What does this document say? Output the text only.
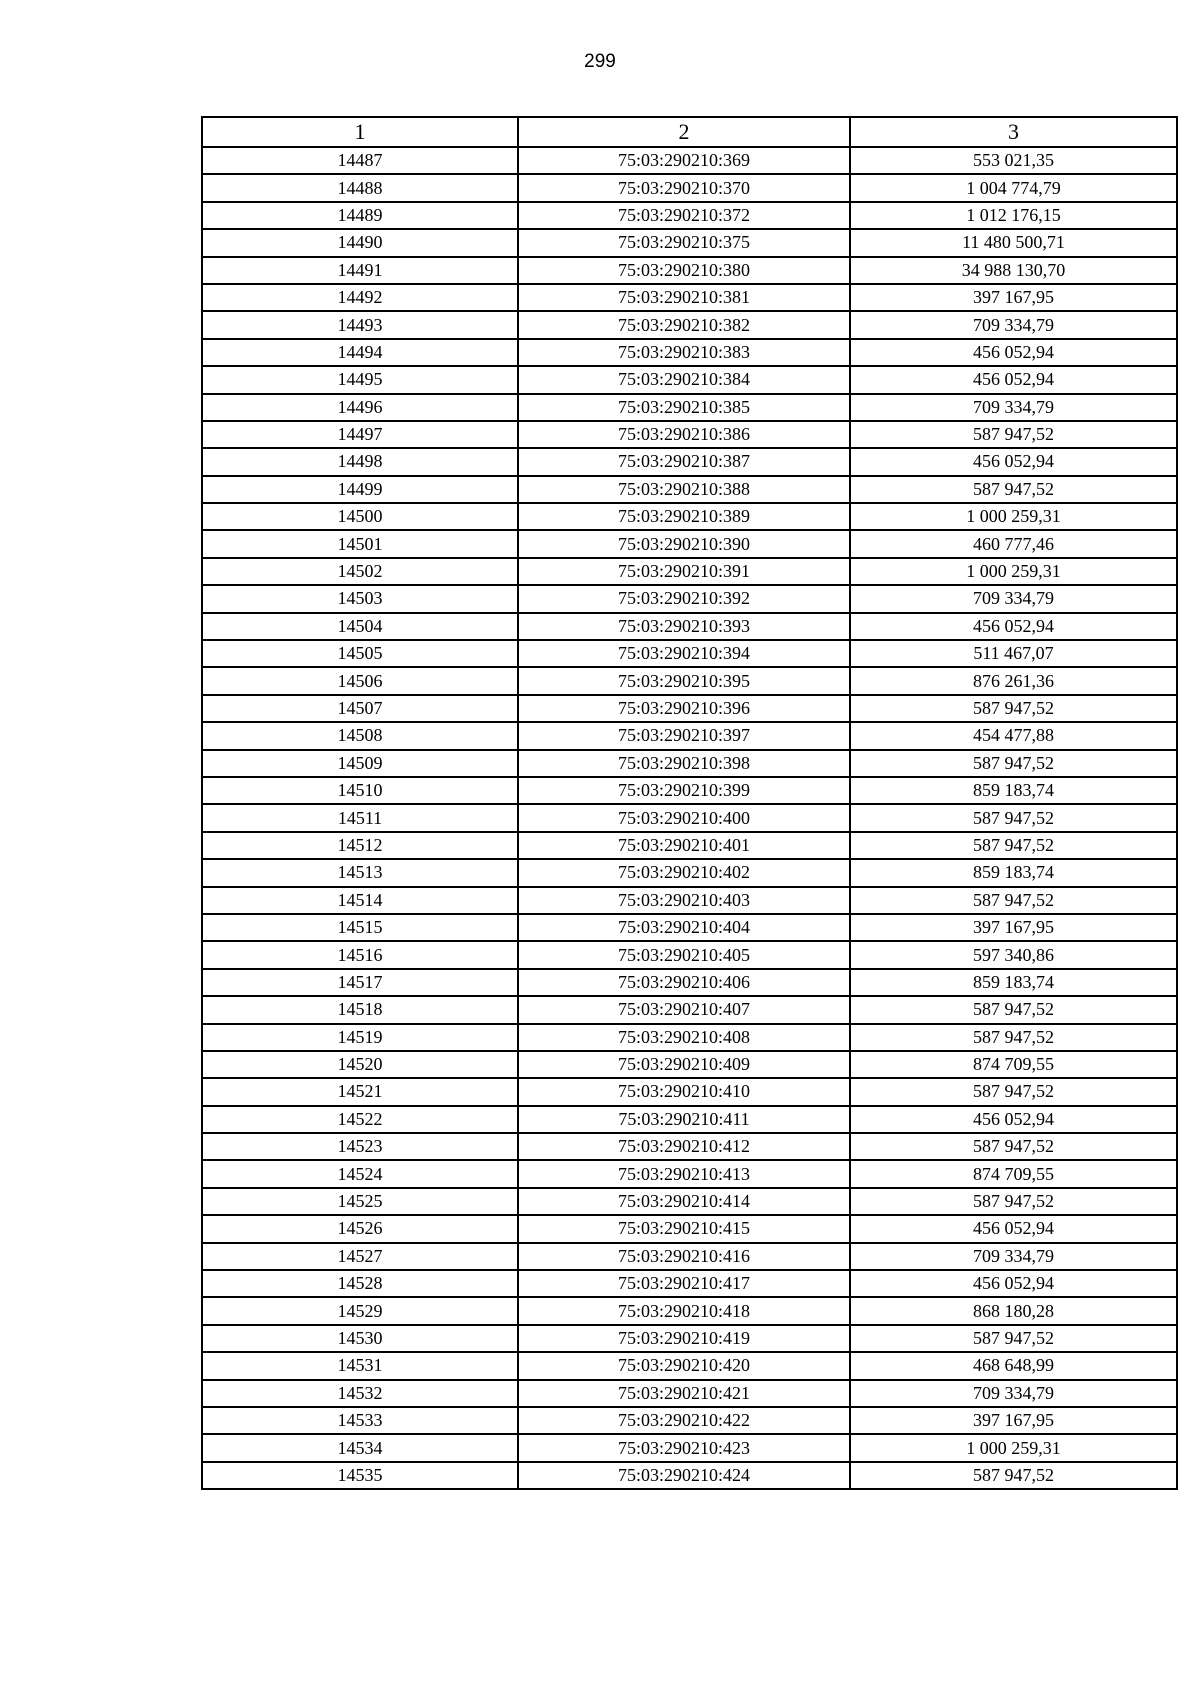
299
1	2	3
14487	75:03:290210:369	553 021,35
14488	75:03:290210:370	1 004 774,79
14489	75:03:290210:372	1 012 176,15
14490	75:03:290210:375	11 480 500,71
14491	75:03:290210:380	34 988 130,70
14492	75:03:290210:381	397 167,95
14493	75:03:290210:382	709 334,79
14494	75:03:290210:383	456 052,94
14495	75:03:290210:384	456 052,94
14496	75:03:290210:385	709 334,79
14497	75:03:290210:386	587 947,52
14498	75:03:290210:387	456 052,94
14499	75:03:290210:388	587 947,52
14500	75:03:290210:389	1 000 259,31
14501	75:03:290210:390	460 777,46
14502	75:03:290210:391	1 000 259,31
14503	75:03:290210:392	709 334,79
14504	75:03:290210:393	456 052,94
14505	75:03:290210:394	511 467,07
14506	75:03:290210:395	876 261,36
14507	75:03:290210:396	587 947,52
14508	75:03:290210:397	454 477,88
14509	75:03:290210:398	587 947,52
14510	75:03:290210:399	859 183,74
14511	75:03:290210:400	587 947,52
14512	75:03:290210:401	587 947,52
14513	75:03:290210:402	859 183,74
14514	75:03:290210:403	587 947,52
14515	75:03:290210:404	397 167,95
14516	75:03:290210:405	597 340,86
14517	75:03:290210:406	859 183,74
14518	75:03:290210:407	587 947,52
14519	75:03:290210:408	587 947,52
14520	75:03:290210:409	874 709,55
14521	75:03:290210:410	587 947,52
14522	75:03:290210:411	456 052,94
14523	75:03:290210:412	587 947,52
14524	75:03:290210:413	874 709,55
14525	75:03:290210:414	587 947,52
14526	75:03:290210:415	456 052,94
14527	75:03:290210:416	709 334,79
14528	75:03:290210:417	456 052,94
14529	75:03:290210:418	868 180,28
14530	75:03:290210:419	587 947,52
14531	75:03:290210:420	468 648,99
14532	75:03:290210:421	709 334,79
14533	75:03:290210:422	397 167,95
14534	75:03:290210:423	1 000 259,31
14535	75:03:290210:424	587 947,52
